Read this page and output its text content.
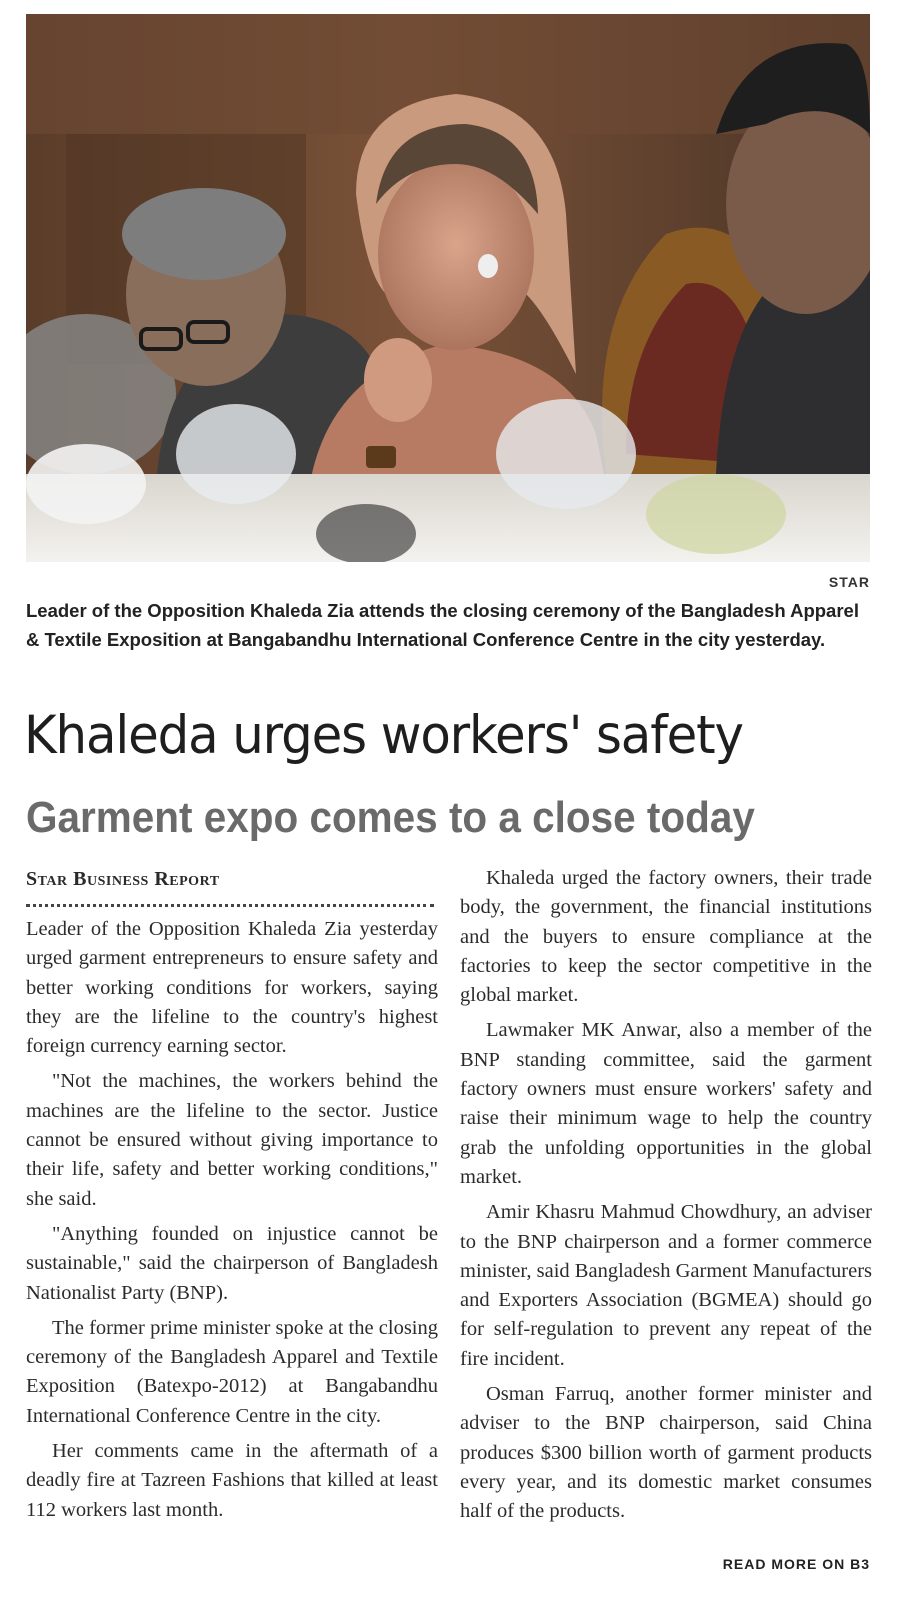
STAR
Leader of the Opposition Khaleda Zia attends the closing ceremony of the Bangladesh Apparel & Textile Exposition at Bangabandhu International Conference Centre in the city yesterday.
Khaleda urges workers' safety
Garment expo comes to a close today
Star Business Report

Leader of the Opposition Khaleda Zia yesterday urged garment entrepreneurs to ensure safety and better working conditions for workers, saying they are the lifeline to the country's highest foreign currency earning sector.

"Not the machines, the workers behind the machines are the lifeline to the sector. Justice cannot be ensured without giving importance to their life, safety and better working conditions," she said.

"Anything founded on injustice cannot be sustainable," said the chairperson of Bangladesh Nationalist Party (BNP).

The former prime minister spoke at the closing ceremony of the Bangladesh Apparel and Textile Exposition (Batexpo-2012) at Bangabandhu International Conference Centre in the city.

Her comments came in the aftermath of a deadly fire at Tazreen Fashions that killed at least 112 workers last month.

Khaleda urged the factory owners, their trade body, the government, the financial institutions and the buyers to ensure compliance at the factories to keep the sector competitive in the global market.

Lawmaker MK Anwar, also a member of the BNP standing committee, said the garment factory owners must ensure workers' safety and raise their minimum wage to help the country grab the unfolding opportunities in the global market.

Amir Khasru Mahmud Chowdhury, an adviser to the BNP chairperson and a former commerce minister, said Bangladesh Garment Manufacturers and Exporters Association (BGMEA) should go for self-regulation to prevent any repeat of the fire incident.

Osman Farruq, another former minister and adviser to the BNP chairperson, said China produces $300 billion worth of garment products every year, and its domestic market consumes half of the products.

READ MORE ON B3
